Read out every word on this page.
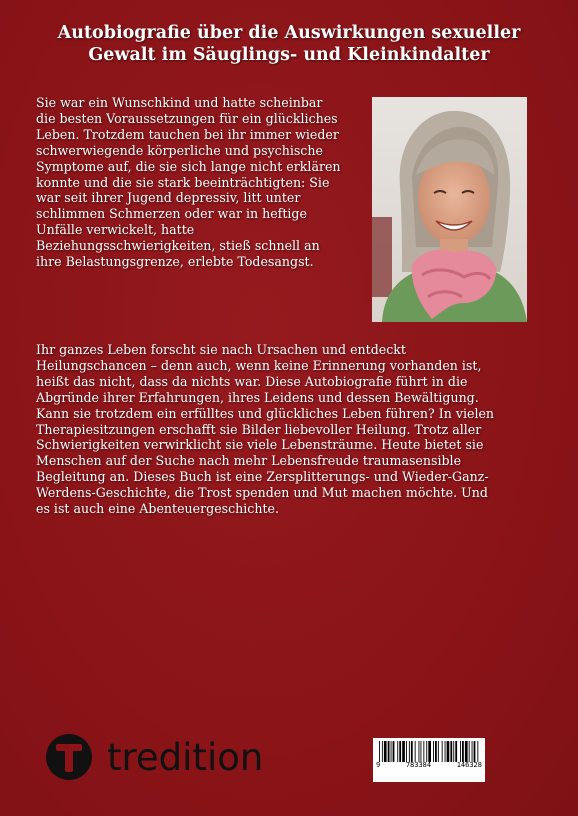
Autobiografie über die Auswirkungen sexueller
Gewalt im Säuglings- und Kleinkindalter
Sie war ein Wunschkind und hatte scheinbar
die besten Voraussetzungen für ein glückliches
Leben. Trotzdem tauchen bei ihr immer wieder
schwerwiegende körperliche und psychische
Symptome auf, die sie sich lange nicht erklären
konnte und die sie stark beeinträchtigten: Sie
war seit ihrer Jugend depressiv, litt unter
schlimmen Schmerzen oder war in heftige
Unfälle verwickelt, hatte
Beziehungsschwierigkeiten, stieß schnell an
ihre Belastungsgrenze, erlebte Todesangst.
Ihr ganzes Leben forscht sie nach Ursachen und entdeckt
Heilungschancen – denn auch, wenn keine Erinnerung vorhanden ist,
heißt das nicht, dass da nichts war. Diese Autobiografie führt in die
Abgründe ihrer Erfahrungen, ihres Leidens und dessen Bewältigung.
Kann sie trotzdem ein erfülltes und glückliches Leben führen? In vielen
Therapiesitzungen erschafft sie Bilder liebevoller Heilung. Trotz aller
Schwierigkeiten verwirklicht sie viele Lebensträume. Heute bietet sie
Menschen auf der Suche nach mehr Lebensfreude traumasensible
Begleitung an. Dieses Buch ist eine Zersplitterungs- und Wieder-Ganz-
Werdens-Geschichte, die Trost spenden und Mut machen möchte. Und
es ist auch eine Abenteuergeschichte.
tredition	9	783384	146328
